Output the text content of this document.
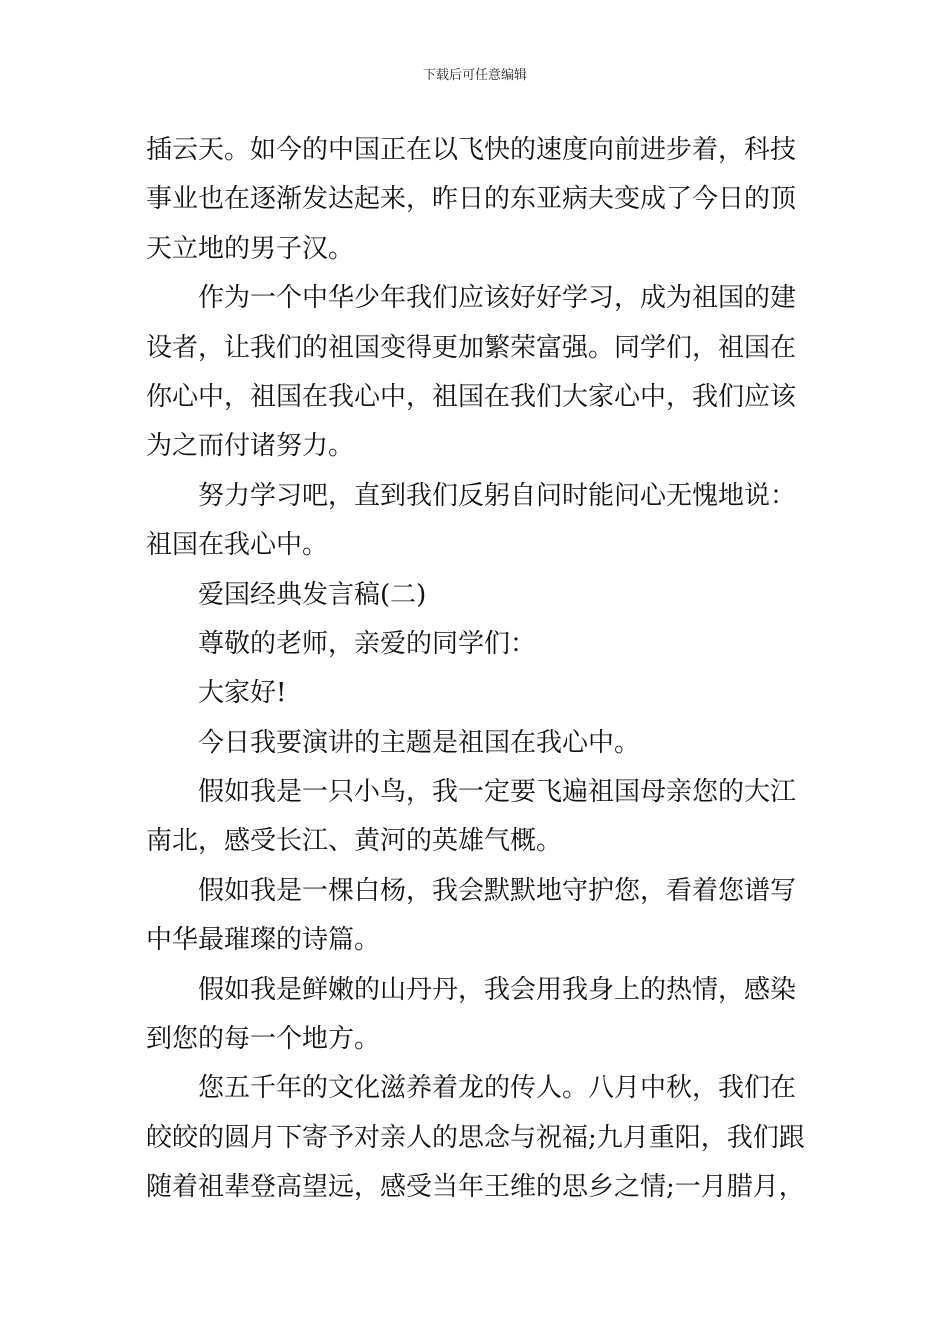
下载后可任意编辑
插云天。如今的中国正在以飞快的速度向前进步着，科技
事业也在逐渐发达起来，昨日的东亚病夫变成了今日的顶
天立地的男子汉。
作为一个中华少年我们应该好好学习，成为祖国的建
设者，让我们的祖国变得更加繁荣富强。同学们，祖国在
你心中，祖国在我心中，祖国在我们大家心中，我们应该
为之而付诸努力。
努力学习吧，直到我们反躬自问时能问心无愧地说：
祖国在我心中。
爱国经典发言稿(二)
尊敬的老师，亲爱的同学们：
大家好!
今日我要演讲的主题是祖国在我心中。
假如我是一只小鸟，我一定要飞遍祖国母亲您的大江
南北，感受长江、黄河的英雄气概。
假如我是一棵白杨，我会默默地守护您，看着您谱写
中华最璀璨的诗篇。
假如我是鲜嫩的山丹丹，我会用我身上的热情，感染
到您的每一个地方。
您五千年的文化滋养着龙的传人。八月中秋，我们在
皎皎的圆月下寄予对亲人的思念与祝福;九月重阳，我们跟
随着祖辈登高望远，感受当年王维的思乡之情;一月腊月，
